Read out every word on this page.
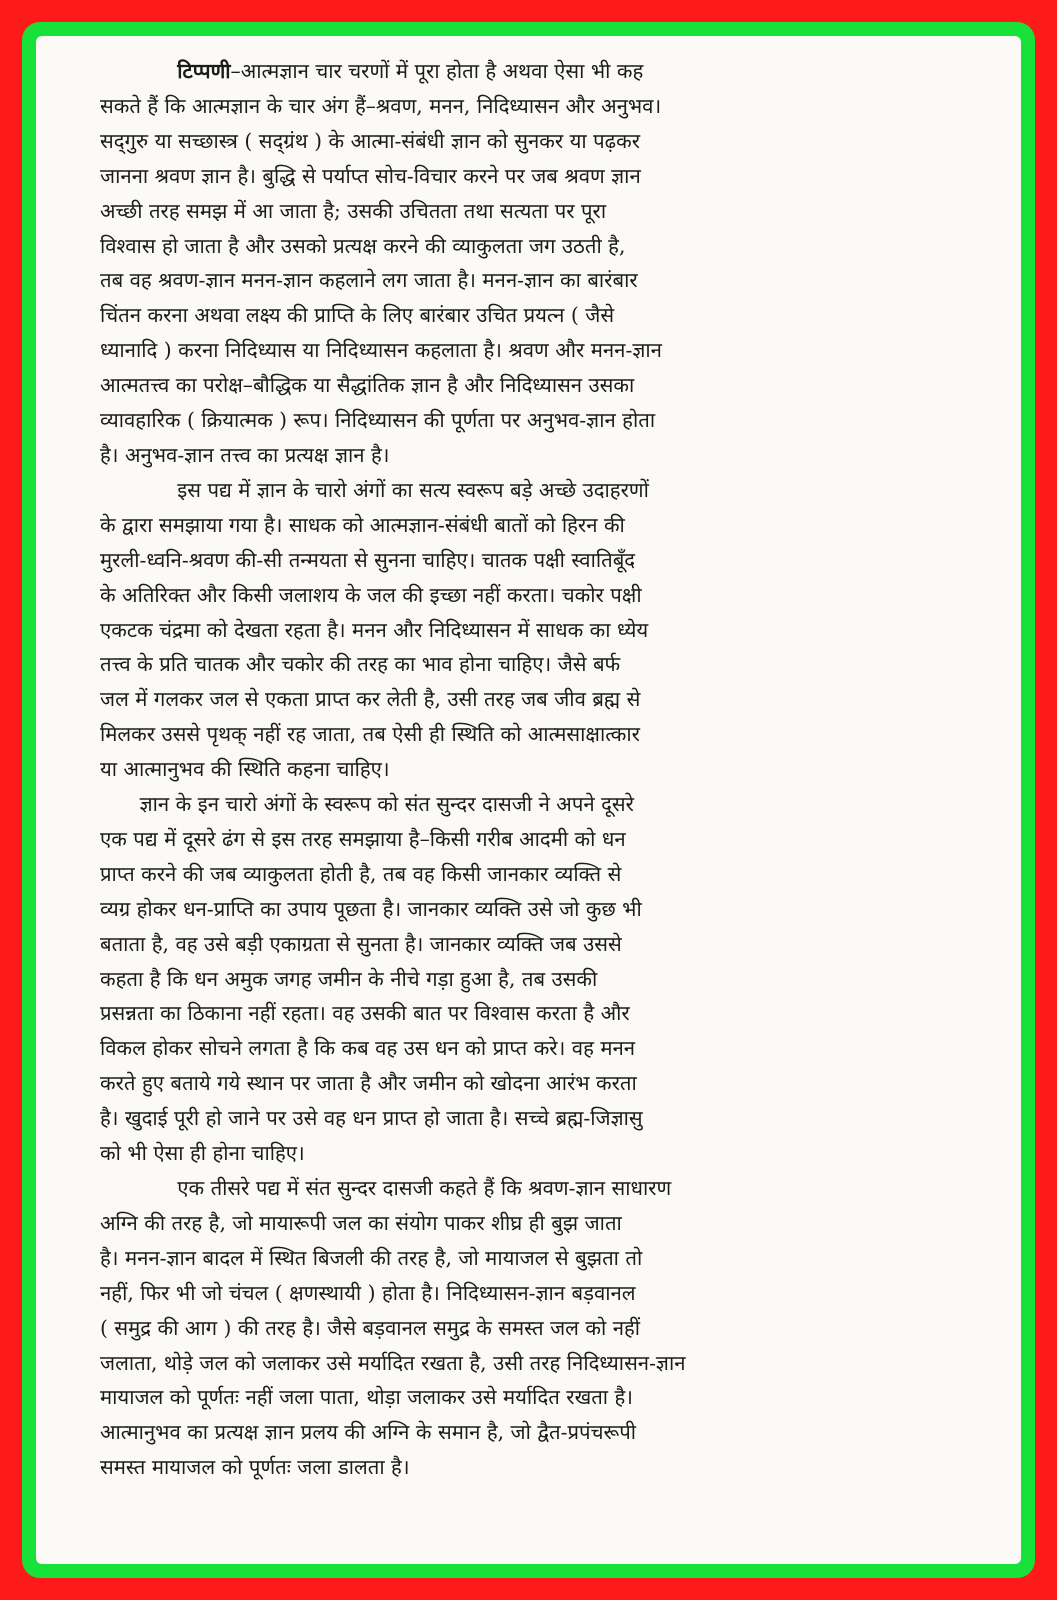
टिप्पणी–आत्मज्ञान चार चरणों में पूरा होता है अथवा ऐसा भी कह
सकते हैं कि आत्मज्ञान के चार अंग हैं–श्रवण, मनन, निदिध्यासन और अनुभव।
सद्‌गुरु या सच्छास्त्र ( सद्‌ग्रंथ ) के आत्मा-संबंधी ज्ञान को सुनकर या पढ़कर
जानना श्रवण ज्ञान है। बुद्धि से पर्याप्त सोच-विचार करने पर जब श्रवण ज्ञान
अच्छी तरह समझ में आ जाता है; उसकी उचितता तथा सत्यता पर पूरा
विश्वास हो जाता है और उसको प्रत्यक्ष करने की व्याकुलता जग उठती है,
तब वह श्रवण-ज्ञान मनन-ज्ञान कहलाने लग जाता है। मनन-ज्ञान का बारंबार
चिंतन करना अथवा लक्ष्य की प्राप्ति के लिए बारंबार उचित प्रयत्न ( जैसे
ध्यानादि ) करना निदिध्यास या निदिध्यासन कहलाता है। श्रवण और मनन-ज्ञान
आत्मतत्त्व का परोक्ष–बौद्धिक या सैद्धांतिक ज्ञान है और निदिध्यासन उसका
व्यावहारिक ( क्रियात्मक ) रूप। निदिध्यासन की पूर्णता पर अनुभव-ज्ञान होता
है। अनुभव-ज्ञान तत्त्व का प्रत्यक्ष ज्ञान है।
इस पद्य में ज्ञान के चारो अंगों का सत्य स्वरूप बड़े अच्छे उदाहरणों
के द्वारा समझाया गया है। साधक को आत्मज्ञान-संबंधी बातों को हिरन की
मुरली-ध्वनि-श्रवण की-सी तन्मयता से सुनना चाहिए। चातक पक्षी स्वातिबूँद
के अतिरिक्त और किसी जलाशय के जल की इच्छा नहीं करता। चकोर पक्षी
एकटक चंद्रमा को देखता रहता है। मनन और निदिध्यासन में साधक का ध्येय
तत्त्व के प्रति चातक और चकोर की तरह का भाव होना चाहिए। जैसे बर्फ
जल में गलकर जल से एकता प्राप्त कर लेती है, उसी तरह जब जीव ब्रह्म से
मिलकर उससे पृथक् नहीं रह जाता, तब ऐसी ही स्थिति को आत्मसाक्षात्कार
या आत्मानुभव की स्थिति कहना चाहिए।
ज्ञान के इन चारो अंगों के स्वरूप को संत सुन्दर दासजी ने अपने दूसरे
एक पद्य में दूसरे ढंग से इस तरह समझाया है–किसी गरीब आदमी को धन
प्राप्त करने की जब व्याकुलता होती है, तब वह किसी जानकार व्यक्ति से
व्यग्र होकर धन-प्राप्ति का उपाय पूछता है। जानकार व्यक्ति उसे जो कुछ भी
बताता है, वह उसे बड़ी एकाग्रता से सुनता है। जानकार व्यक्ति जब उससे
कहता है कि धन अमुक जगह जमीन के नीचे गड़ा हुआ है, तब उसकी
प्रसन्नता का ठिकाना नहीं रहता। वह उसकी बात पर विश्वास करता है और
विकल होकर सोचने लगता है कि कब वह उस धन को प्राप्त करे। वह मनन
करते हुए बताये गये स्थान पर जाता है और जमीन को खोदना आरंभ करता
है। खुदाई पूरी हो जाने पर उसे वह धन प्राप्त हो जाता है। सच्चे ब्रह्म-जिज्ञासु
को भी ऐसा ही होना चाहिए।
एक तीसरे पद्य में संत सुन्दर दासजी कहते हैं कि श्रवण-ज्ञान साधारण
अग्नि की तरह है, जो मायारूपी जल का संयोग पाकर शीघ्र ही बुझ जाता
है। मनन-ज्ञान बादल में स्थित बिजली की तरह है, जो मायाजल से बुझता तो
नहीं, फिर भी जो चंचल ( क्षणस्थायी ) होता है। निदिध्यासन-ज्ञान बड़वानल
( समुद्र की आग ) की तरह है। जैसे बड़वानल समुद्र के समस्त जल को नहीं
जलाता, थोड़े जल को जलाकर उसे मर्यादित रखता है, उसी तरह निदिध्यासन-ज्ञान
मायाजल को पूर्णतः नहीं जला पाता, थोड़ा जलाकर उसे मर्यादित रखता है।
आत्मानुभव का प्रत्यक्ष ज्ञान प्रलय की अग्नि के समान है, जो द्वैत-प्रपंचरूपी
समस्त मायाजल को पूर्णतः जला डालता है।
